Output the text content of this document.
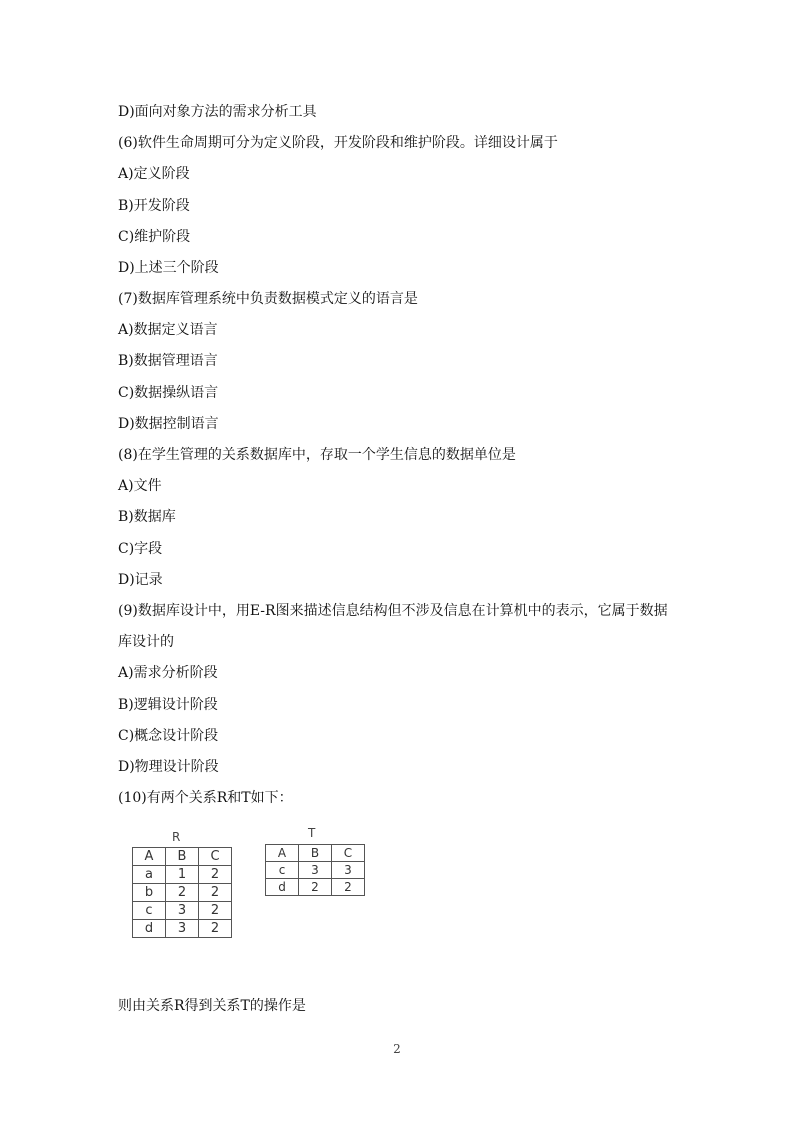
D)面向对象方法的需求分析工具
(6)软件生命周期可分为定义阶段，开发阶段和维护阶段。详细设计属于
A)定义阶段
B)开发阶段
C)维护阶段
D)上述三个阶段
(7)数据库管理系统中负责数据模式定义的语言是
A)数据定义语言
B)数据管理语言
C)数据操纵语言
D)数据控制语言
(8)在学生管理的关系数据库中，存取一个学生信息的数据单位是
A)文件
B)数据库
C)字段
D)记录
(9)数据库设计中，用E-R图来描述信息结构但不涉及信息在计算机中的表示，它属于数据
库设计的
A)需求分析阶段
B)逻辑设计阶段
C)概念设计阶段
D)物理设计阶段
(10)有两个关系R和T如下：
R
A	B	C
a	1	2
b	2	2
c	3	2
d	3	2
T
A	B	C
c	3	3
d	2	2
则由关系R得到关系T的操作是
2
